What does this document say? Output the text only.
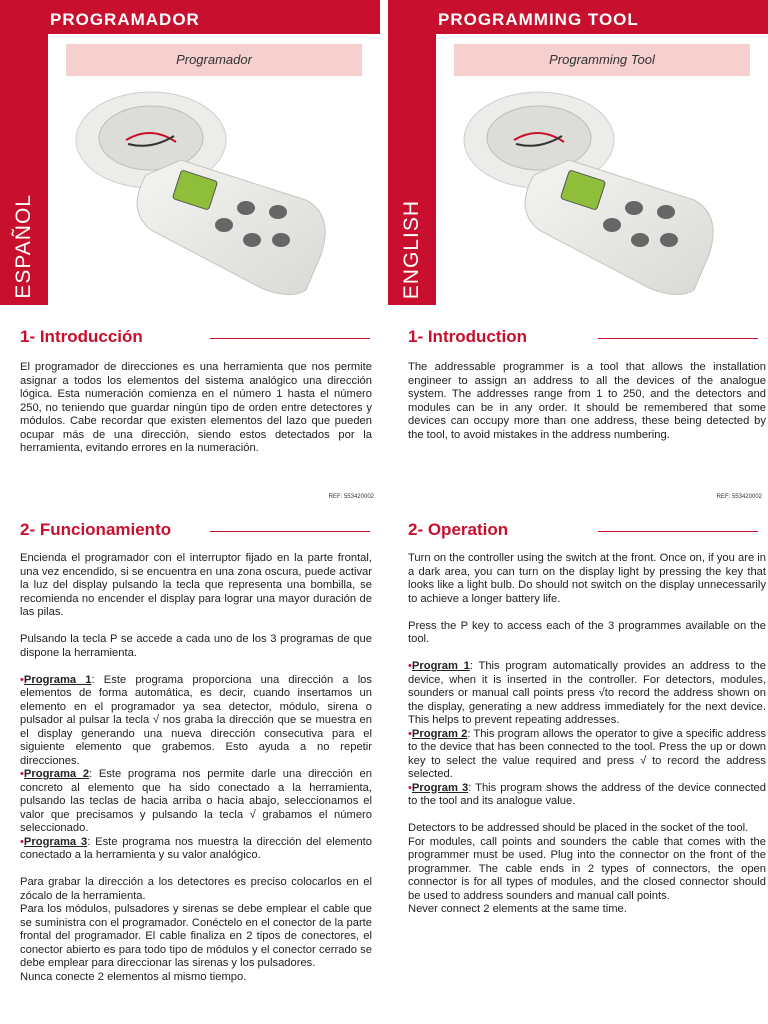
PROGRAMADOR
ESPAÑOL
Programador
1- Introducción

El programador de direcciones es una herramienta que nos permite asignar a todos los elementos del sistema analógico una dirección lógica. Esta numeración comienza en el número 1 hasta el número 250, no teniendo que guardar ningún tipo de orden entre detectores y módulos. Cabe recordar que existen elementos del lazo que pueden ocupar más de una dirección, siendo estos detectados por la herramienta, evitando errores en la numeración.

REF: 553420002
2- Funcionamiento

Encienda el programador con el interruptor fijado en la parte frontal, una vez encendido, si se encuentra en una zona oscura, puede activar la luz del display pulsando la tecla que representa una bombilla, se recomienda no encender el display para lograr una mayor duración de las pilas.

Pulsando la tecla P se accede a cada uno de los 3 programas de que dispone la herramienta.

•Programa 1: Este programa proporciona una dirección a los elementos de forma automática, es decir, cuando insertamos un elemento en el programador ya sea detector, módulo, sirena o pulsador al pulsar la tecla √ nos graba la dirección que se muestra en el display generando una nueva dirección consecutiva para el siguiente elemento que grabemos. Esto ayuda a no repetir direcciones.
•Programa 2: Este programa nos permite darle una dirección en concreto al elemento que ha sido conectado a la herramienta, pulsando las teclas de hacia arriba o hacia abajo, seleccionamos el valor que precisamos y pulsando la tecla √ grabamos el número seleccionado.
•Programa 3: Este programa nos muestra la dirección del elemento conectado a la herramienta y su valor analógico.
Para grabar la dirección a los detectores es preciso colocarlos en el zócalo de la herramienta.
Para los módulos, pulsadores y sirenas se debe emplear el cable que se suministra con el programador. Conéctelo en el conector de la parte frontal del programador. El cable finaliza en 2 tipos de conectores, el conector abierto es para todo tipo de módulos y el conector cerrado se debe emplear para direccionar las sirenas y los pulsadores.
Nunca conecte 2 elementos al mismo tiempo.
PROGRAMMING TOOL
ENGLISH
Programming Tool
1- Introduction

The addressable programmer is a tool that allows the installation engineer to assign an address to all the devices of the analogue system. The addresses range from 1 to 250, and the detectors and modules can be in any order. It should be remembered that some devices can occupy more than one address, these being detected by the tool, to avoid mistakes in the address numbering.

REF: 553420002
2- Operation

Turn on the controller using the switch at the front. Once on, if you are in a dark area, you can turn on the display light by pressing the key that looks like a light bulb. Do should not switch on the display unnecessarily to achieve a longer battery life.

Press the P key to access each of the 3 programmes available on the tool.

•Program 1: This program automatically provides an address to the device, when it is inserted in the controller. For detectors, modules, sounders or manual call points press √to record the address shown on the display, generating a new address immediately for the next device. This helps to prevent repeating addresses.
•Program 2: This program allows the operator to give a specific address to the device that has been connected to the tool. Press the up or down key to select the value required and press √ to record the address selected.
•Program 3: This program shows the address of the device connected to the tool and its analogue value.
Detectors to be addressed should be placed in the socket of the tool.
For modules, call points and sounders the cable that comes with the programmer must be used. Plug into the connector on the front of the programmer. The cable ends in 2 types of connectors, the open connector is for all types of modules, and the closed connector should be used to address sounders and manual call points.
Never connect 2 elements at the same time.
